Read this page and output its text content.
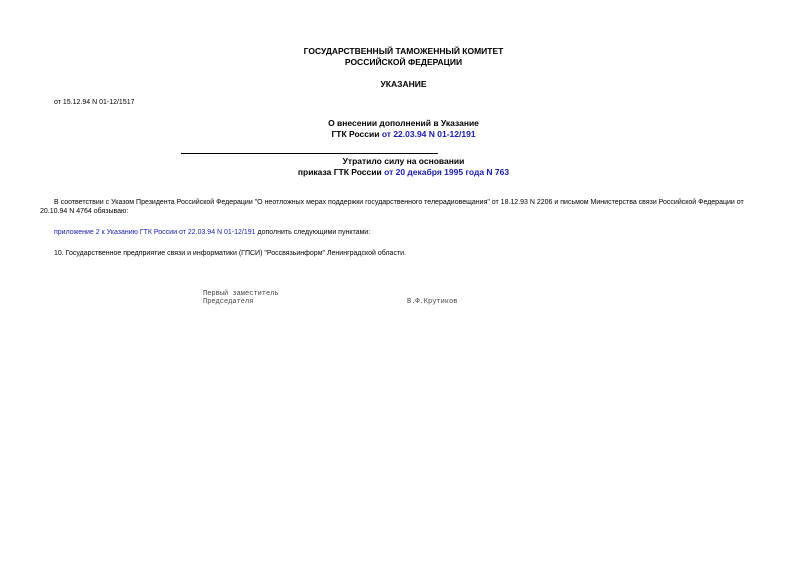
ГОСУДАРСТВЕННЫЙ ТАМОЖЕННЫЙ КОМИТЕТ
РОССИЙСКОЙ ФЕДЕРАЦИИ
УКАЗАНИЕ
от 15.12.94 N 01-12/1517
О внесении дополнений в Указание
ГТК России от 22.03.94 N 01-12/191
Утратило силу на основании
приказа ГТК России от 20 декабря 1995 года N 763
В соответствии с Указом Президента Российской Федерации "О неотложных мерах поддержки государственного телерадиовещания" от 18.12.93 N 2206 и письмом Министерства связи Российской Федерации от
20.10.94 N 4764 обязываю:
приложение 2 к Указанию ГТК России от 22.03.94 N 01-12/191 дополнить следующими пунктами:
10. Государственное предприятие связи и информатики (ГПСИ) "Россвязьинформ" Ленинградской области.
Первый заместитель
Председателя	В.Ф.Крутиков
